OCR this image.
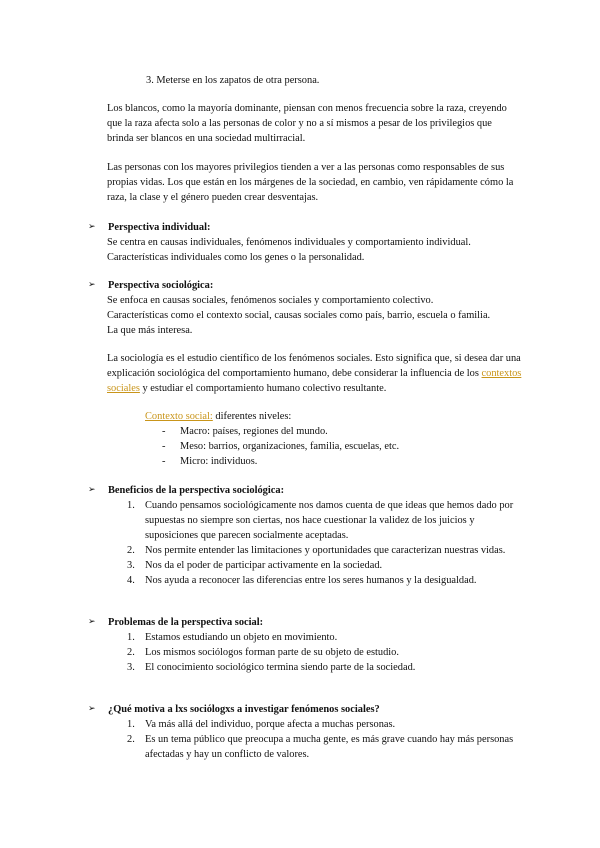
3. Meterse en los zapatos de otra persona.

Los blancos, como la mayoría dominante, piensan con menos frecuencia sobre la raza, creyendo que la raza afecta solo a las personas de color y no a sí mismos a pesar de los privilegios que brinda ser blancos en una sociedad multirracial.

Las personas con los mayores privilegios tienden a ver a las personas como responsables de sus propias vidas. Los que están en los márgenes de la sociedad, en cambio, ven rápidamente cómo la raza, la clase y el género pueden crear desventajas.

➢	Perspectiva individual:

Se centra en causas individuales, fenómenos individuales y comportamiento individual.

Características individuales como los genes o la personalidad.

➢	Perspectiva sociológica:

Se enfoca en causas sociales, fenómenos sociales y comportamiento colectivo.

Características como el contexto social, causas sociales como país, barrio, escuela o familia.

La que más interesa.

La sociología es el estudio científico de los fenómenos sociales. Esto significa que, si desea dar una explicación sociológica del comportamiento humano, debe considerar la influencia de los contextos sociales y estudiar el comportamiento humano colectivo resultante.

Contexto social: diferentes niveles:

- Macro: países, regiones del mundo.
- Meso: barrios, organizaciones, familia, escuelas, etc.
- Micro: individuos.
➢	Beneficios de la perspectiva sociológica:
1. Cuando pensamos sociológicamente nos damos cuenta de que ideas que hemos dado por supuestas no siempre son ciertas, nos hace cuestionar la validez de los juicios y suposiciones que parecen socialmente aceptadas.
2. Nos permite entender las limitaciones y oportunidades que caracterizan nuestras vidas.
3. Nos da el poder de participar activamente en la sociedad.
4. Nos ayuda a reconocer las diferencias entre los seres humanos y la desigualdad.
➢	Problemas de la perspectiva social:
1. Estamos estudiando un objeto en movimiento.
2. Los mismos sociólogos forman parte de su objeto de estudio.
3. El conocimiento sociológico termina siendo parte de la sociedad.
➢	¿Qué motiva a lxs sociólogxs a investigar fenómenos sociales?
1. Va más allá del individuo, porque afecta a muchas personas.
2. Es un tema público que preocupa a mucha gente, es más grave cuando hay más personas afectadas y hay un conflicto de valores.
